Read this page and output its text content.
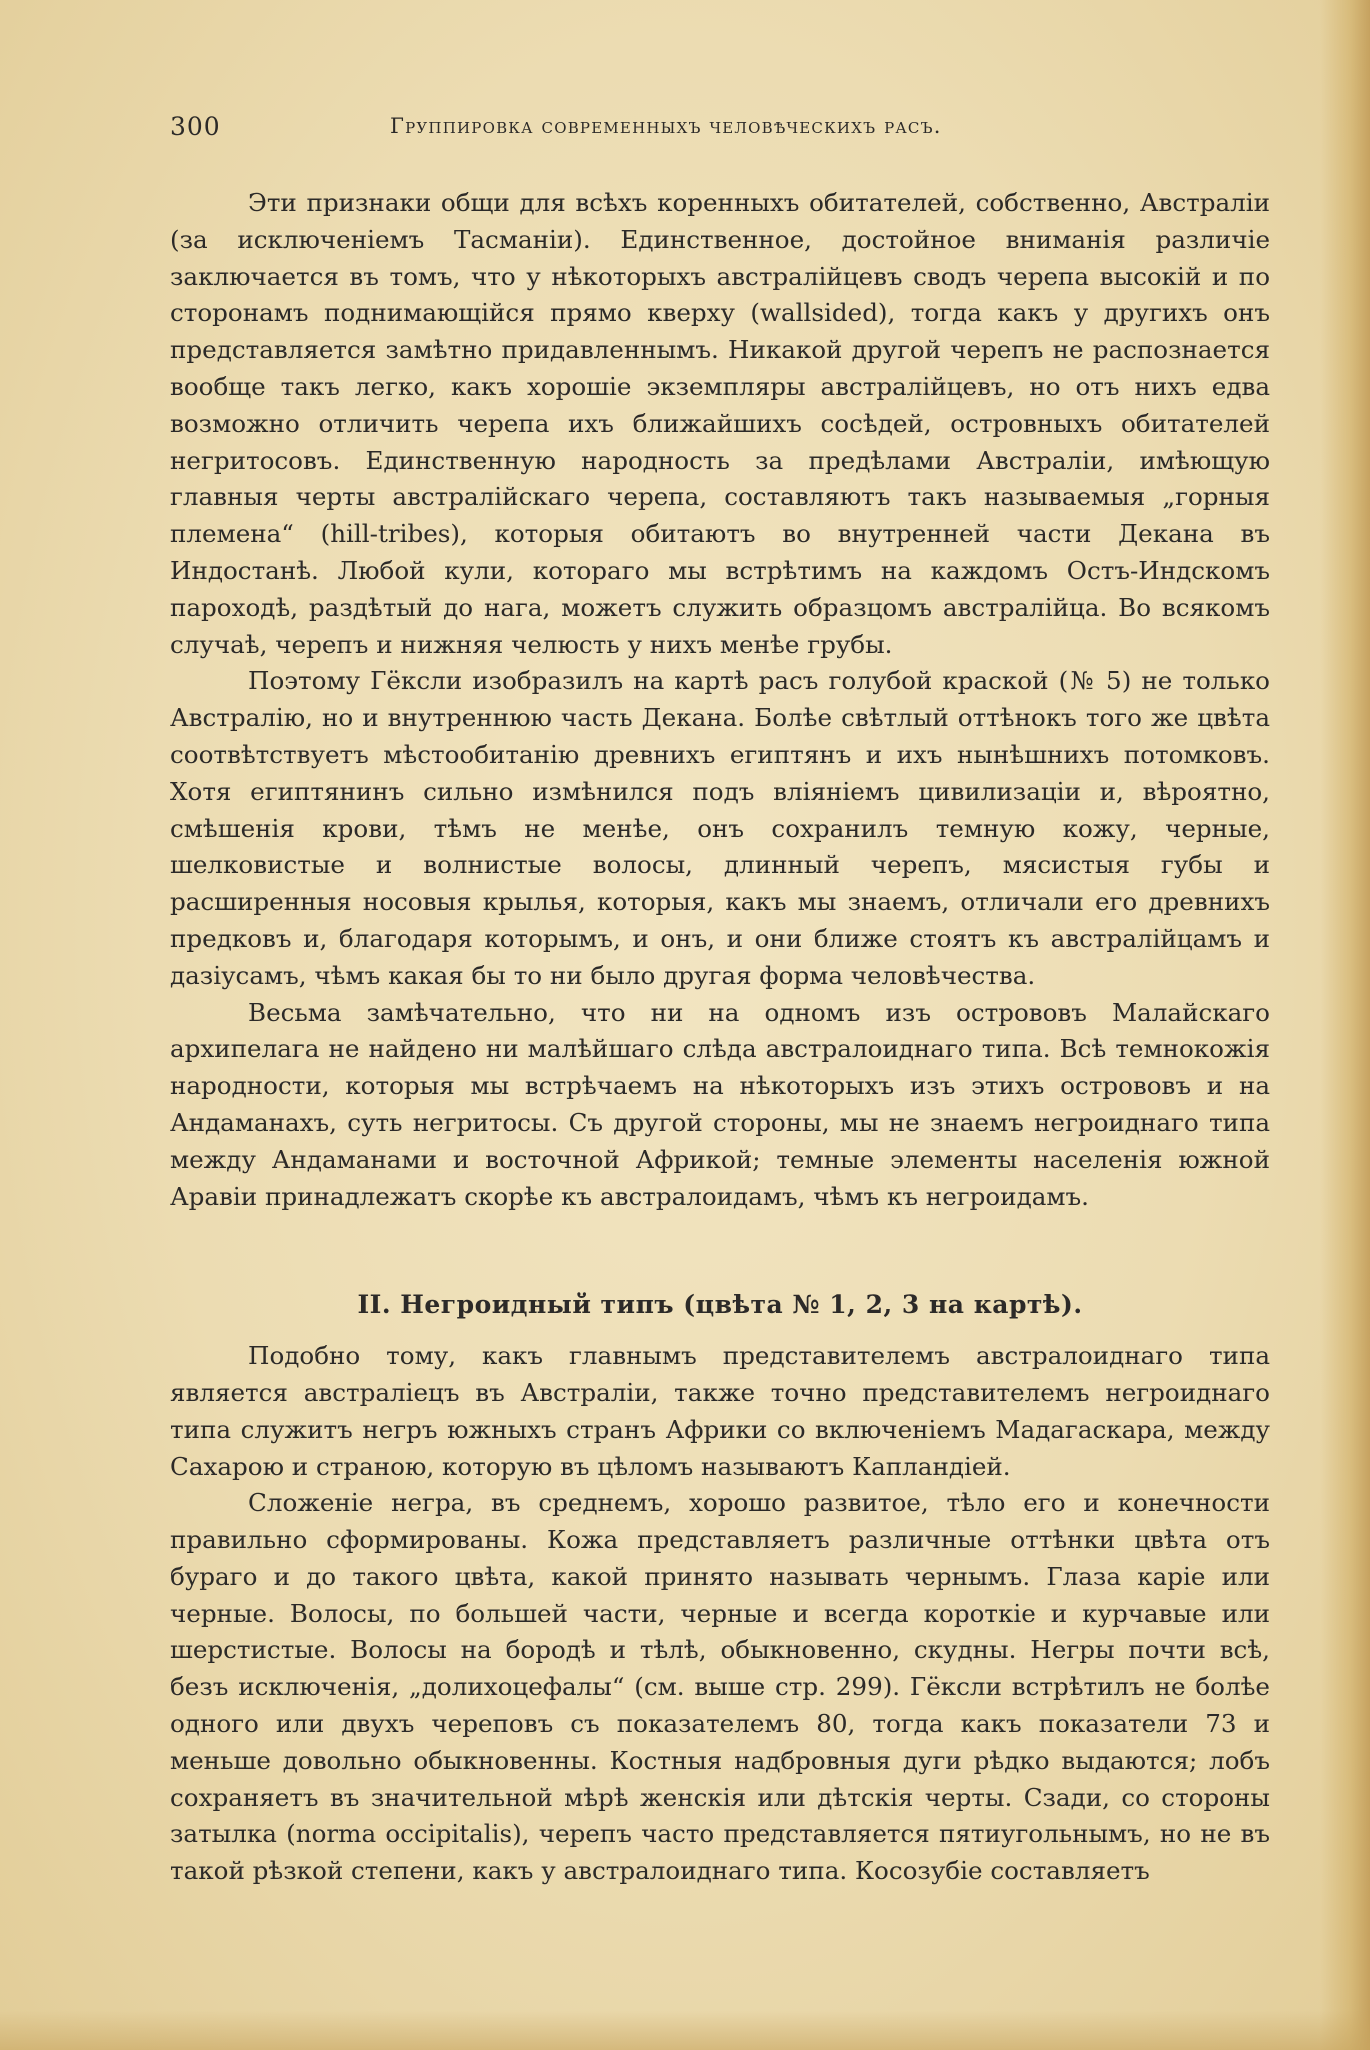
300	Группировка современныхъ человѣческихъ расъ.

Эти признаки общи для всѣхъ коренныхъ обитателей, собственно, Австраліи (за исключеніемъ Тасманіи). Единственное, достойное вниманія различіе заключается въ томъ, что у нѣкоторыхъ австралійцевъ сводъ черепа высокій и по сторонамъ поднимающійся прямо кверху (wallsided), тогда какъ у другихъ онъ представляется замѣтно придавленнымъ. Никакой другой черепъ не распознается вообще такъ легко, какъ хорошіе экземпляры австралійцевъ, но отъ нихъ едва возможно отличить черепа ихъ ближайшихъ сосѣдей, островныхъ обитателей негритосовъ. Единственную народность за предѣлами Австраліи, имѣющую главныя черты австралійскаго черепа, составляютъ такъ называемыя „горныя племена“ (hill-tribes), которыя обитаютъ во внутренней части Декана въ Индостанѣ. Любой кули, котораго мы встрѣтимъ на каждомъ Остъ-Индскомъ пароходѣ, раздѣтый до нага, можетъ служить образцомъ австралійца. Во всякомъ случаѣ, черепъ и нижняя челюсть у нихъ менѣе грубы.

Поэтому Гёксли изобразилъ на картѣ расъ голубой краской (№ 5) не только Австралію, но и внутреннюю часть Декана. Болѣе свѣтлый оттѣнокъ того же цвѣта соотвѣтствуетъ мѣстообитанію древнихъ египтянъ и ихъ нынѣшнихъ потомковъ. Хотя египтянинъ сильно измѣнился подъ вліяніемъ цивилизаціи и, вѣроятно, смѣшенія крови, тѣмъ не менѣе, онъ сохранилъ темную кожу, черные, шелковистые и волнистые волосы, длинный черепъ, мясистыя губы и расширенныя носовыя крылья, которыя, какъ мы знаемъ, отличали его древнихъ предковъ и, благодаря которымъ, и онъ, и они ближе стоятъ къ австралійцамъ и дазіусамъ, чѣмъ какая бы то ни было другая форма человѣчества.

Весьма замѣчательно, что ни на одномъ изъ острововъ Малайскаго архипелага не найдено ни малѣйшаго слѣда австралоиднаго типа. Всѣ темнокожія народности, которыя мы встрѣчаемъ на нѣкоторыхъ изъ этихъ острововъ и на Андаманахъ, суть негритосы. Съ другой стороны, мы не знаемъ негроиднаго типа между Андаманами и восточной Африкой; темные элементы населенія южной Аравіи принадлежатъ скорѣе къ австралоидамъ, чѣмъ къ негроидамъ.

II. Негроидный типъ (цвѣта № 1, 2, 3 на картѣ).

Подобно тому, какъ главнымъ представителемъ австралоиднаго типа является австраліецъ въ Австраліи, также точно представителемъ негроиднаго типа служитъ негръ южныхъ странъ Африки со включеніемъ Мадагаскара, между Сахарою и страною, которую въ цѣломъ называютъ Капландіей.

Сложеніе негра, въ среднемъ, хорошо развитое, тѣло его и конечности правильно сформированы. Кожа представляетъ различные оттѣнки цвѣта отъ бураго и до такого цвѣта, какой принято называть чернымъ. Глаза каріе или черные. Волосы, по большей части, черные и всегда короткіе и курчавые или шерстистые. Волосы на бородѣ и тѣлѣ, обыкновенно, скудны. Негры почти всѣ, безъ исключенія, „долихоцефалы“ (см. выше стр. 299). Гёксли встрѣтилъ не болѣе одного или двухъ череповъ съ показателемъ 80, тогда какъ показатели 73 и меньше довольно обыкновенны. Костныя надбровныя дуги рѣдко выдаются; лобъ сохраняетъ въ значительной мѣрѣ женскія или дѣтскія черты. Сзади, со стороны затылка (norma occipitalis), черепъ часто представляется пятиугольнымъ, но не въ такой рѣзкой степени, какъ у австралоиднаго типа. Косозубіе составляетъ
